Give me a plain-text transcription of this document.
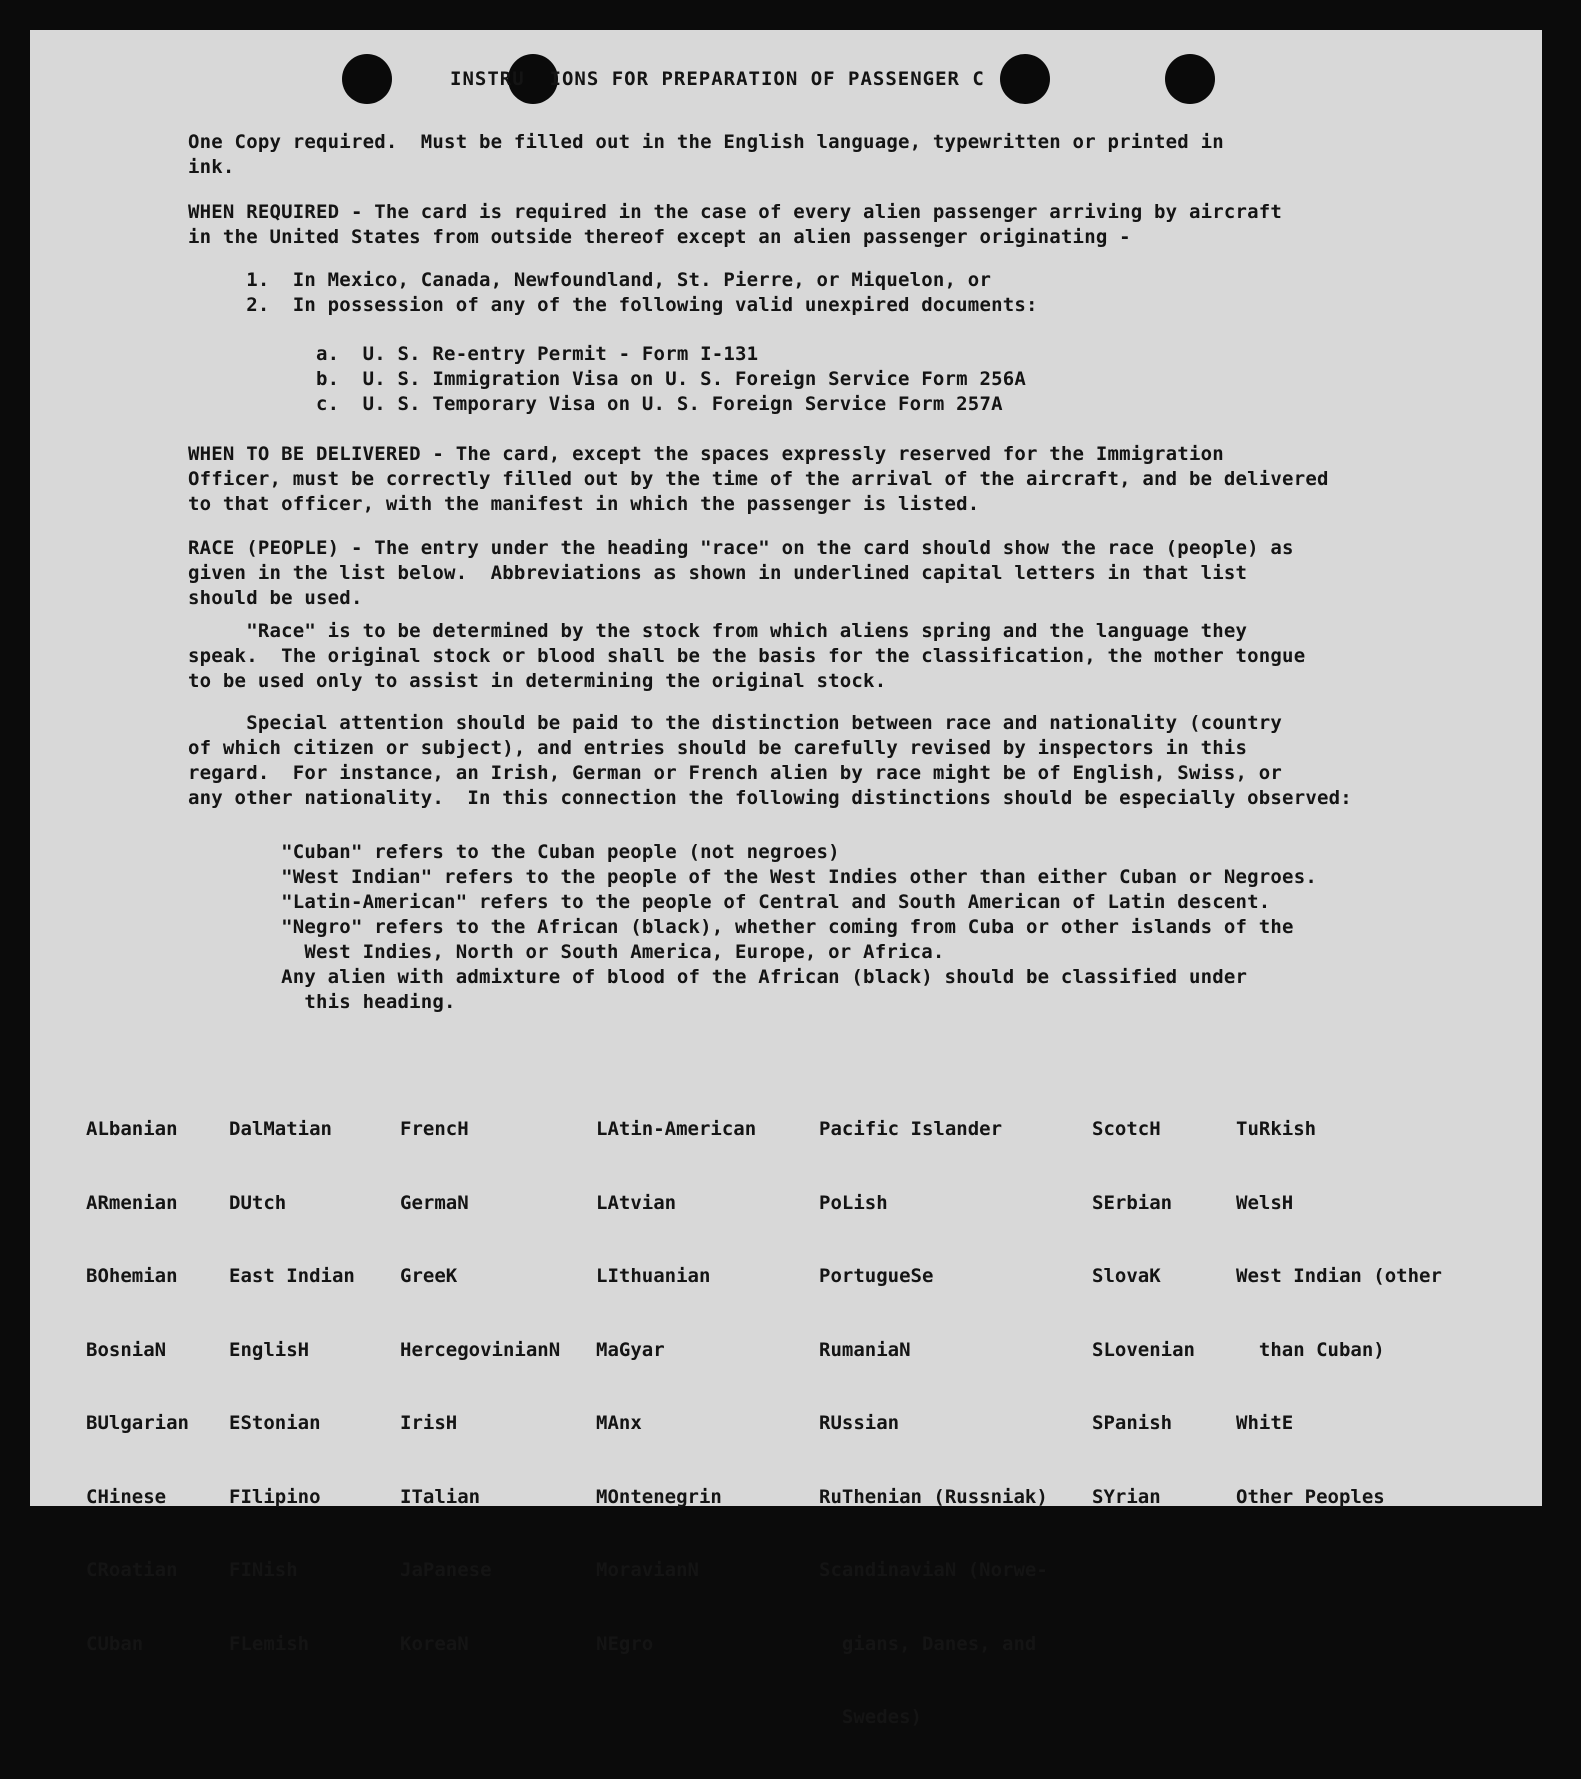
INSTRU  IONS FOR PREPARATION OF PASSENGER C
One Copy required.  Must be filled out in the English language, typewritten or printed in
ink.
WHEN REQUIRED - The card is required in the case of every alien passenger arriving by aircraft
in the United States from outside thereof except an alien passenger originating -
1.  In Mexico, Canada, Newfoundland, St. Pierre, or Miquelon, or
2.  In possession of any of the following valid unexpired documents:
a.  U. S. Re-entry Permit - Form I-131
b.  U. S. Immigration Visa on U. S. Foreign Service Form 256A
c.  U. S. Temporary Visa on U. S. Foreign Service Form 257A
WHEN TO BE DELIVERED - The card, except the spaces expressly reserved for the Immigration
Officer, must be correctly filled out by the time of the arrival of the aircraft, and be delivered
to that officer, with the manifest in which the passenger is listed.
RACE (PEOPLE) - The entry under the heading "race" on the card should show the race (people) as
given in the list below.  Abbreviations as shown in underlined capital letters in that list
should be used.
"Race" is to be determined by the stock from which aliens spring and the language they
speak.  The original stock or blood shall be the basis for the classification, the mother tongue
to be used only to assist in determining the original stock.
Special attention should be paid to the distinction between race and nationality (country
of which citizen or subject), and entries should be carefully revised by inspectors in this
regard.  For instance, an Irish, German or French alien by race might be of English, Swiss, or
any other nationality.  In this connection the following distinctions should be especially observed:
"Cuban" refers to the Cuban people (not negroes)
"West Indian" refers to the people of the West Indies other than either Cuban or Negroes.
"Latin-American" refers to the people of Central and South American of Latin descent.
"Negro" refers to the African (black), whether coming from Cuba or other islands of the
West Indies, North or South America, Europe, or Africa.
Any alien with admixture of blood of the African (black) should be classified under
this heading.

ALbanian

ARmenian

BOhemian

BosniaN

BUlgarian

CHinese

CRoatian

CUban

DalMatian

DUtch

East Indian

EnglisH

EStonian

FIlipino

FINish

FLemish

FrencH

GermaN

GreeK

HercegovinianN

IrisH

ITalian

JaPanese

KoreaN

LAtin-American

LAtvian

LIthuanian

MaGyar

MAnx

MOntenegrin

MoravianN

NEgro

Pacific Islander

PoLish

PortugueSe

RumaniaN

RUssian

RuThenian (Russniak)

ScandinaviaN (Norwe-

gians, Danes, and

Swedes)

ScotcH

SErbian

SlovaK

SLovenian

SPanish

SYrian

TuRkish

WelsH

West Indian (other

than Cuban)

WhitE

Other Peoples
